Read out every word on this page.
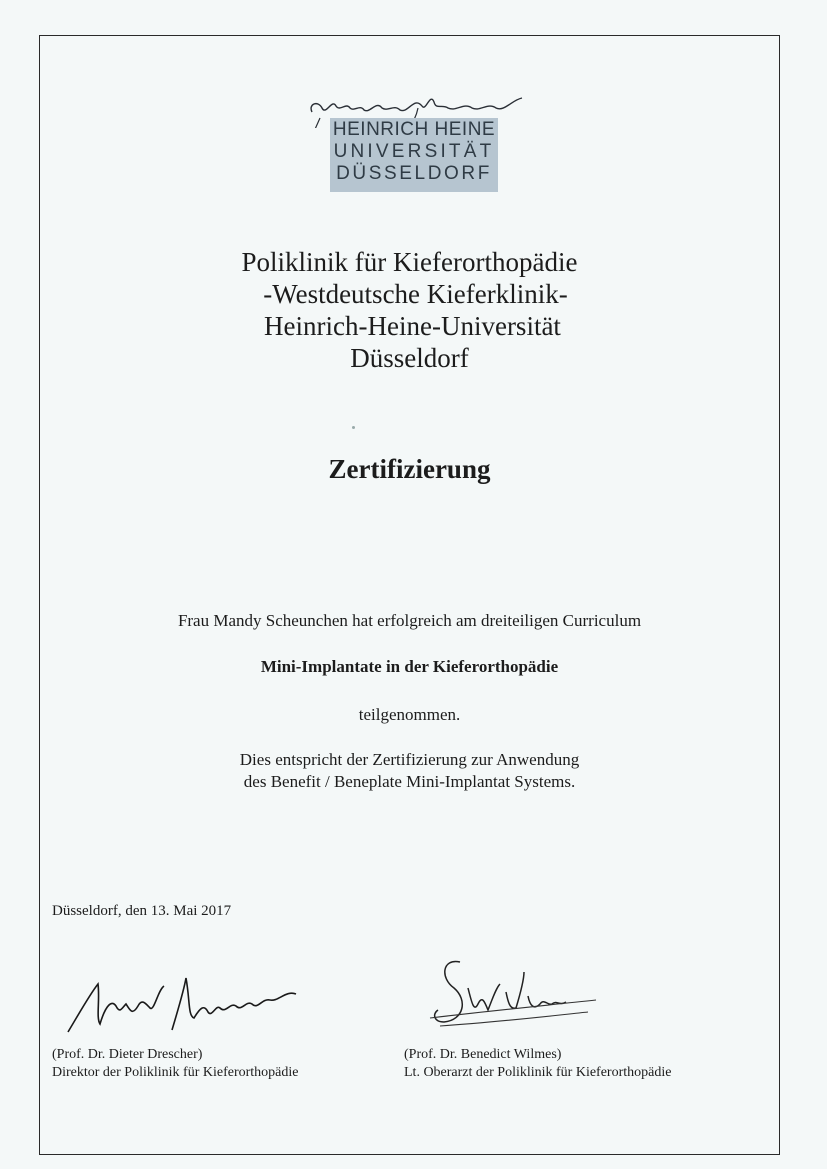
HEINRICH HEINE
UNIVERSITÄT
DÜSSELDORF
Poliklinik für Kieferorthopädie
-Westdeutsche Kieferklinik-
Heinrich-Heine-Universität
Düsseldorf
Zertifizierung
Frau Mandy Scheunchen hat erfolgreich am dreiteiligen Curriculum
Mini-Implantate in der Kieferorthopädie
teilgenommen.
Dies entspricht der Zertifizierung zur Anwendung
des Benefit / Beneplate Mini-Implantat Systems.
Düsseldorf, den 13. Mai 2017
(Prof. Dr. Dieter Drescher)
Direktor der Poliklinik für Kieferorthopädie
(Prof. Dr. Benedict Wilmes)
Lt. Oberarzt der Poliklinik für Kieferorthopädie
